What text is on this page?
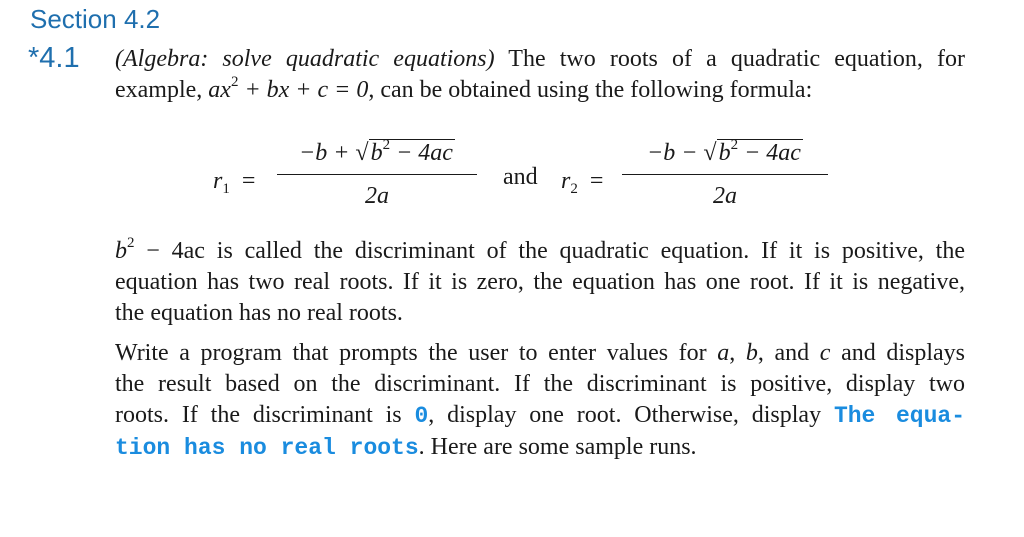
Section 4.2
*4.1 (Algebra: solve quadratic equations) The two roots of a quadratic equation, for
example, $ax^2$ + bx + c = 0, can be obtained using the following formula:
$r_1$ =
$-b + √b^2 - 4ac$
2a
and $r_2$ =
$-b - √b^2 - 4ac$
2a
$b^2 - 4ac$ is called the discriminant of the quadratic equation. If it is positive, the
equation has two real roots. If it is zero, the equation has one root. If it is negative,
the equation has no real roots.
Write a program that prompts the user to enter values for a, b, and c and displays
the result based on the discriminant. If the discriminant is positive, display two
roots. If the discriminant is 0, display one root. Otherwise, display The equa-
tion has no real roots. Here are some sample runs.
